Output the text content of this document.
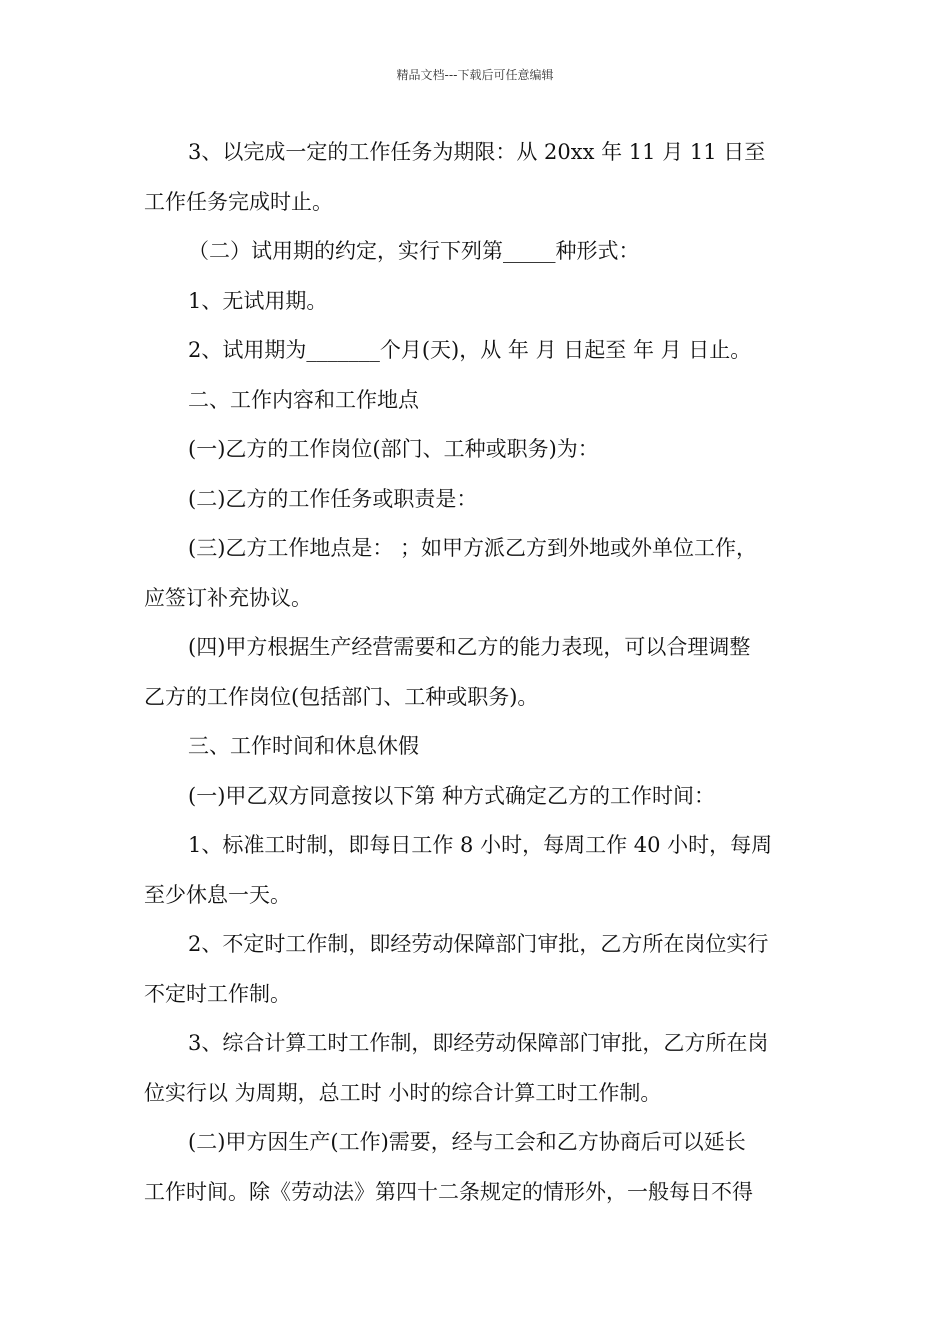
精品文档---下载后可任意编辑

3、以完成一定的工作任务为期限：从 20xx 年 11 月 11 日至

工作任务完成时止。

（二）试用期的约定，实行下列第_____种形式：

1、无试用期。

2、试用期为_______个月(天)，从 年 月 日起至 年 月 日止。

二、工作内容和工作地点

(一)乙方的工作岗位(部门、工种或职务)为：

(二)乙方的工作任务或职责是：

(三)乙方工作地点是： ；如甲方派乙方到外地或外单位工作，

应签订补充协议。

(四)甲方根据生产经营需要和乙方的能力表现，可以合理调整

乙方的工作岗位(包括部门、工种或职务)。

三、工作时间和休息休假

(一)甲乙双方同意按以下第 种方式确定乙方的工作时间：

1、标准工时制，即每日工作 8 小时，每周工作 40 小时，每周

至少休息一天。

2、不定时工作制，即经劳动保障部门审批，乙方所在岗位实行

不定时工作制。

3、综合计算工时工作制，即经劳动保障部门审批，乙方所在岗

位实行以 为周期，总工时 小时的综合计算工时工作制。

(二)甲方因生产(工作)需要，经与工会和乙方协商后可以延长

工作时间。除《劳动法》第四十二条规定的情形外，一般每日不得
